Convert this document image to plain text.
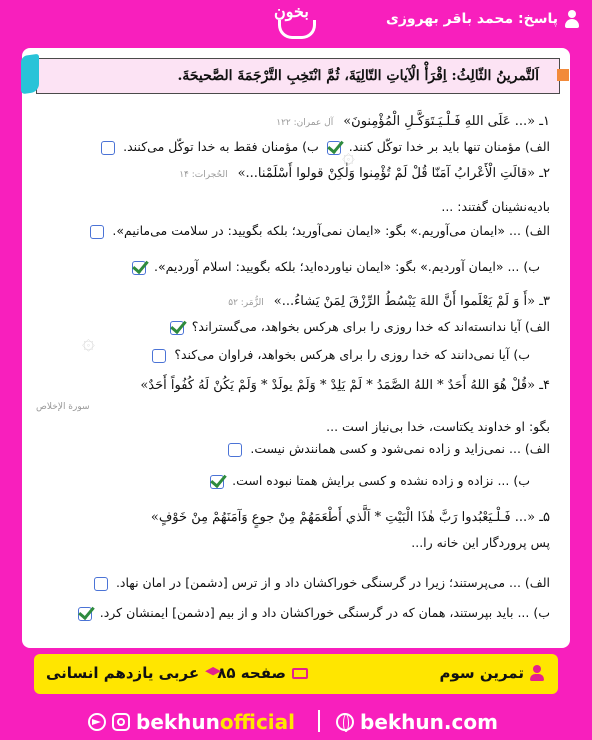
پاسخ: محمد باقر بهروزی
بخون
اَلتَّمرینُ الثّالِثُ: اِقْرَأْ الْآیاتِ التّالِیَةَ، ثُمَّ انْتَخِبِ التَّرْجَمَةَ الصَّحیحَةَ.
۞
۞
۱ـ «... عَلَى اللهِ فَـلْـيَـتَوَكَّـلِ الْمُؤْمِنونَ» آل عمران: ۱۲۲
الف) مؤمنان تنها باید بر خدا توکّل کنند.  ب) مؤمنان فقط به خدا توکّل می‌کنند.
۲ـ «قالَتِ الْأَعْرابُ آمَنّا قُلْ لَمْ تُؤْمِنوا وَلٰكِنْ قولوا أَسْلَمْنا...» الحُجرات: ۱۴
بادیه‌نشینان گفتند: ...
الف) ... «ایمان می‌آوریم.» بگو: «ایمان نمی‌آورید؛ بلکه بگویید: در سلامت می‌مانیم».
ب) ... «ایمان آوردیم.» بگو: «ایمان نیاورده‌اید؛ بلکه بگویید: اسلام آوردیم».
۳ـ «أَ وَ لَمْ يَعْلَموا أَنَّ اللهَ يَبْسُطُ الرِّزْقَ لِمَنْ يَشاءُ...» الزُّمَر: ۵۲
الف) آیا ندانسته‌اند که خدا روزی را برای هرکس بخواهد، می‌گستراند؟
ب) آیا نمی‌دانند که خدا روزی را برای هرکس بخواهد، فراوان می‌کند؟
۴ـ «قُلْ هُوَ اللهُ أَحَدٌ * اللهُ الصَّمَدُ * لَمْ يَلِدْ * وَلَمْ يولَدْ * وَلَمْ يَكُنْ لَهُ كُفُواً أَحَدٌ»
سورة الإخلاص
بگو: او خداوند یکتاست، خدا بی‌نیاز است ...
الف) ... نمی‌زاید و زاده نمی‌شود و کسی همانندش نیست.
ب) ... نزاده و زاده نشده و کسی برایش همتا نبوده است.
۵ـ «... فَـلْـيَعْبُدوا رَبَّ هٰذَا الْبَيْتِ * اَلَّذي أَطْعَمَهُمْ مِنْ جوعٍ وَآمَنَهُمْ مِنْ خَوْفٍ»
پس پروردگار این خانه را...
الف) ... می‌پرستند؛ زیرا در گرسنگی خوراکشان داد و از ترس [دشمن] در امان نهاد.
ب) ... باید بپرستند، همان که در گرسنگی خوراکشان داد و از بیم [دشمن] ایمنشان کرد.
تمرین سوم
صفحه ۸۵
عربی یازدهم انسانی
bekhunofficial	bekhun.com
